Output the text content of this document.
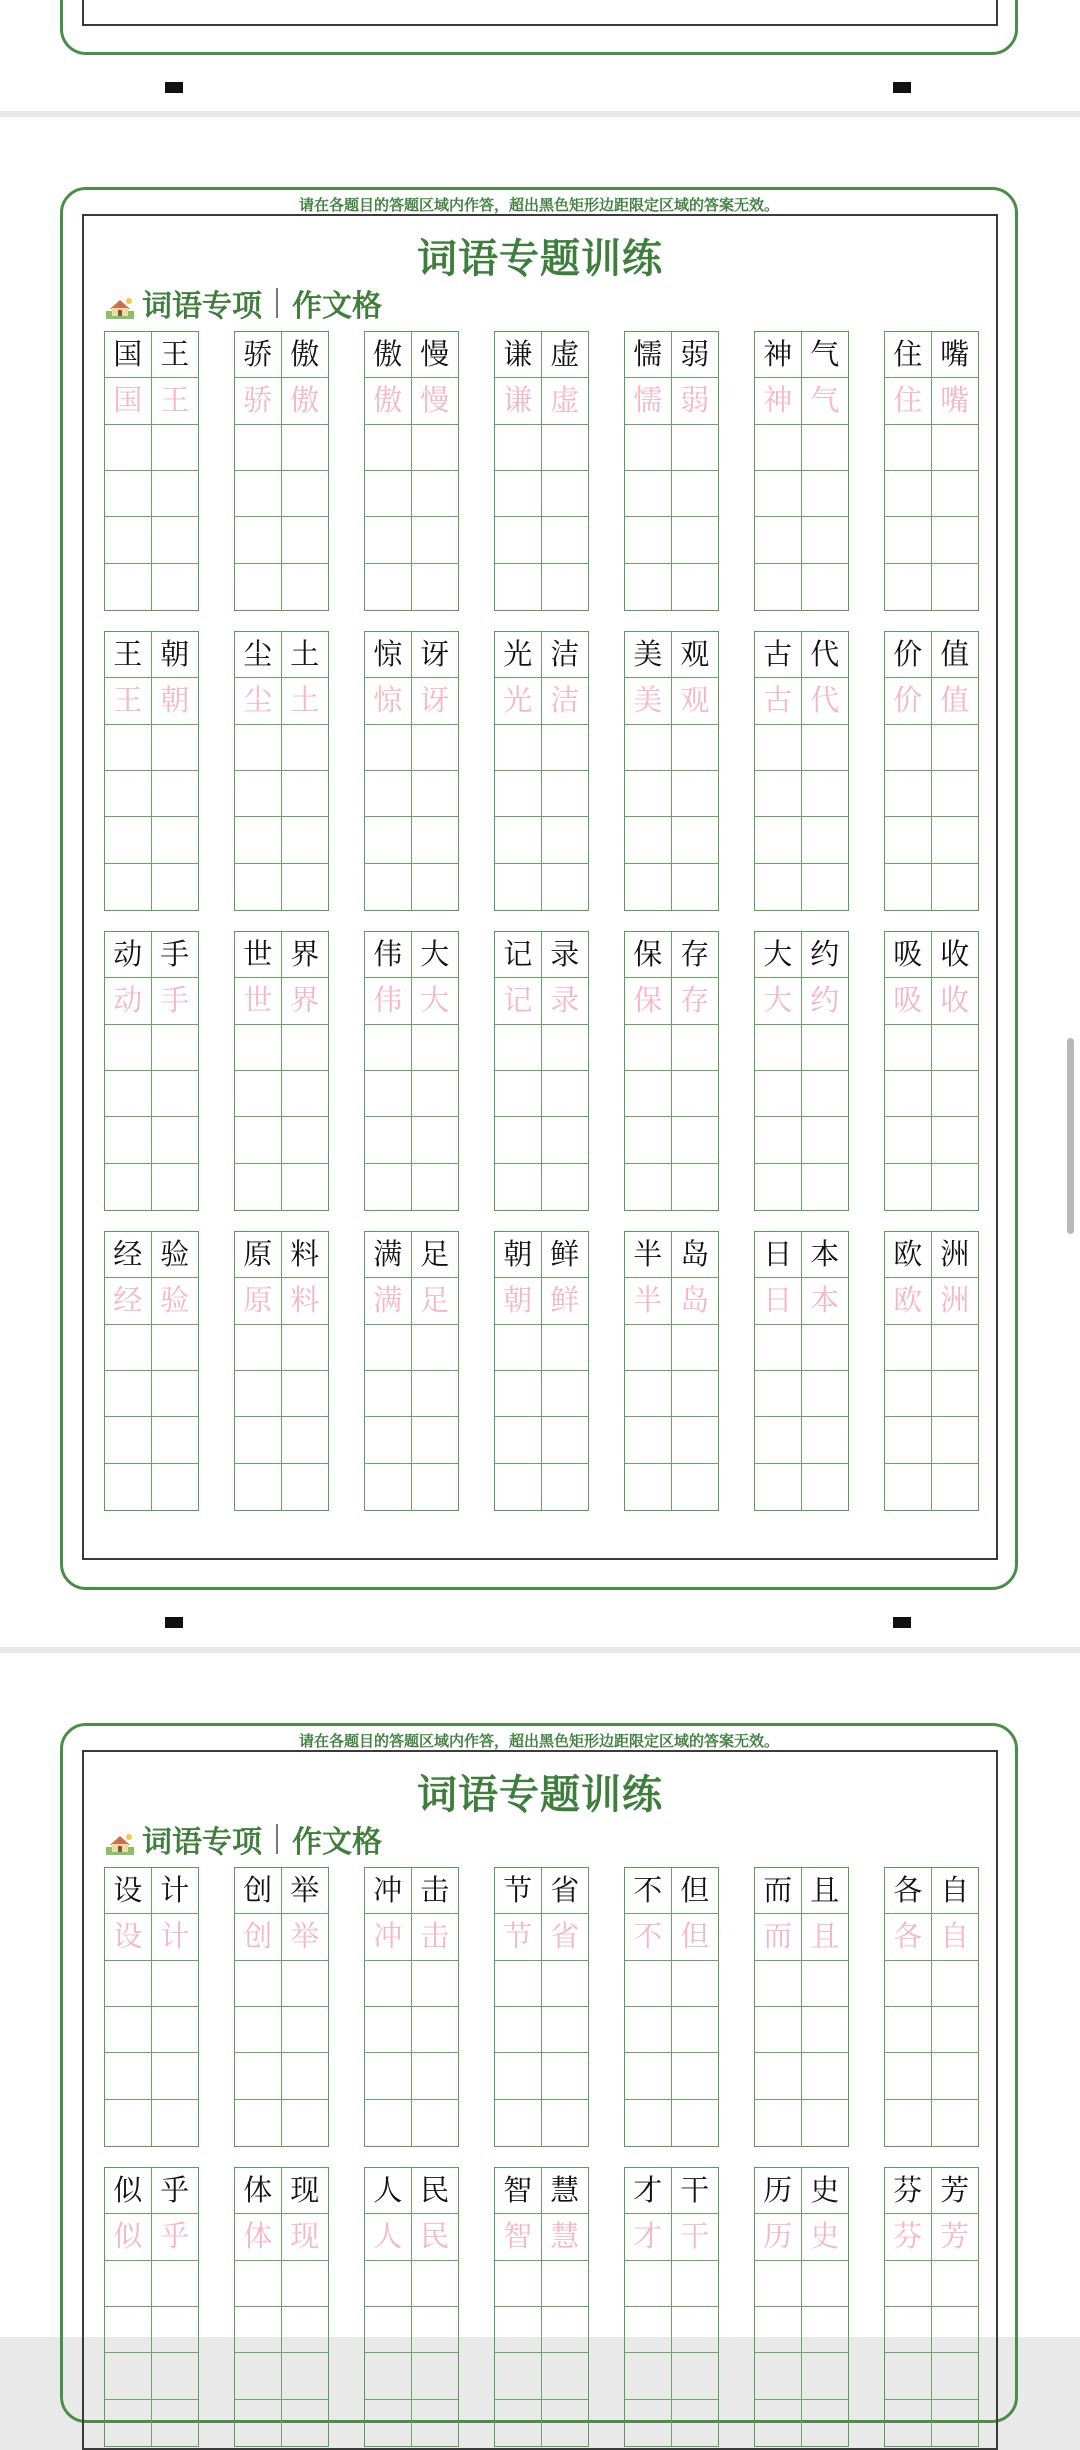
请在各题目的答题区域内作答，超出黑色矩形边距限定区域的答案无效。
词语专题训练
词语专项 作文格
国 王
国 王
骄 傲
骄 傲
傲 慢
傲 慢
谦 虚
谦 虚
懦 弱
懦 弱
神 气
神 气
住 嘴
住 嘴
王 朝
王 朝
尘 土
尘 土
惊 讶
惊 讶
光 洁
光 洁
美 观
美 观
古 代
古 代
价 值
价 值
动 手
动 手
世 界
世 界
伟 大
伟 大
记 录
记 录
保 存
保 存
大 约
大 约
吸 收
吸 收
经 验
经 验
原 料
原 料
满 足
满 足
朝 鲜
朝 鲜
半 岛
半 岛
日 本
日 本
欧 洲
欧 洲
请在各题目的答题区域内作答，超出黑色矩形边距限定区域的答案无效。
词语专题训练
词语专项 作文格
设 计
设 计
创 举
创 举
冲 击
冲 击
节 省
节 省
不 但
不 但
而 且
而 且
各 自
各 自
似 乎
似 乎
体 现
体 现
人 民
人 民
智 慧
智 慧
才 干
才 干
历 史
历 史
芬 芳
芬 芳
